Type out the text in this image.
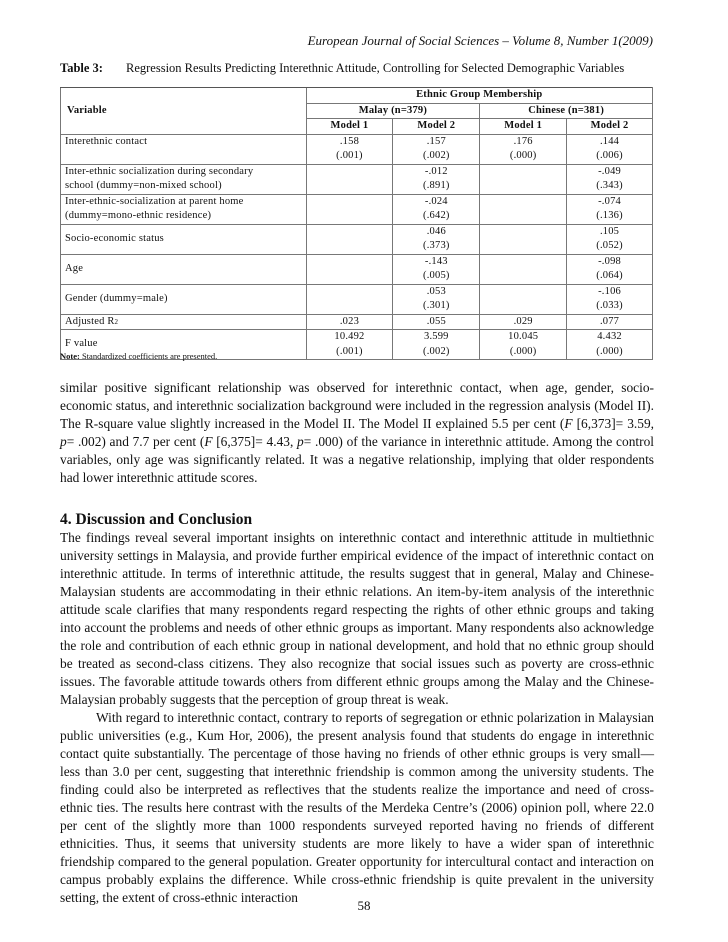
European Journal of Social Sciences – Volume 8, Number 1(2009)
Table 3:	Regression Results Predicting Interethnic Attitude, Controlling for Selected Demographic Variables
Variable	Ethnic Group Membership			
	Malay (n=379)		Chinese (n=381)	
	Model 1	Model 2	Model 1	Model 2
Interethnic contact	.158	.157	.176	.144
	(.001)	(.002)	(.000)	(.006)
Inter-ethnic socialization during secondary		-.012		-.049
school (dummy=non-mixed school)		(.891)		(.343)
Inter-ethnic-socialization at parent home		-.024		-.074
(dummy=mono-ethnic residence)		(.642)		(.136)
Socio-economic status		.046		.105
		(.373)		(.052)
Age		-.143		-.098
		(.005)		(.064)
Gender (dummy=male)		.053		-.106
		(.301)		(.033)
Adjusted $R^2$	.023	.055	.029	.077
F value	10.492	3.599	10.045	4.432
	(.001)	(.002)	(.000)	(.000)
Note: Standardized coefficients are presented.

similar positive significant relationship was observed for interethnic contact, when age, gender, socio-economic status, and interethnic socialization background were included in the regression analysis (Model II). The R-square value slightly increased in the Model II. The Model II explained 5.5 per cent (F [6,373]= 3.59, p= .002) and 7.7 per cent (F [6,375]= 4.43, p= .000) of the variance in interethnic attitude. Among the control variables, only age was significantly related. It was a negative relationship, implying that older respondents had lower interethnic attitude scores.

4. Discussion and Conclusion

The findings reveal several important insights on interethnic contact and interethnic attitude in multiethnic university settings in Malaysia, and provide further empirical evidence of the impact of interethnic contact on interethnic attitude. In terms of interethnic attitude, the results suggest that in general, Malay and Chinese-Malaysian students are accommodating in their ethnic relations. An item-by-item analysis of the interethnic attitude scale clarifies that many respondents regard respecting the rights of other ethnic groups and taking into account the problems and needs of other ethnic groups as important. Many respondents also acknowledge the role and contribution of each ethnic group in national development, and hold that no ethnic group should be treated as second-class citizens. They also recognize that social issues such as poverty are cross-ethnic issues. The favorable attitude towards others from different ethnic groups among the Malay and the Chinese-Malaysian probably suggests that the perception of group threat is weak.

With regard to interethnic contact, contrary to reports of segregation or ethnic polarization in Malaysian public universities (e.g., Kum Hor, 2006), the present analysis found that students do engage in interethnic contact quite substantially. The percentage of those having no friends of other ethnic groups is very small—less than 3.0 per cent, suggesting that interethnic friendship is common among the university students. The finding could also be interpreted as reflectives that the students realize the importance and need of cross-ethnic ties. The results here contrast with the results of the Merdeka Centre’s (2006) opinion poll, where 22.0 per cent of the slightly more than 1000 respondents surveyed reported having no friends of different ethnicities. Thus, it seems that university students are more likely to have a wider span of interethnic friendship compared to the general population. Greater opportunity for intercultural contact and interaction on campus probably explains the difference. While cross-ethnic friendship is quite prevalent in the university setting, the extent of cross-ethnic interaction

58
